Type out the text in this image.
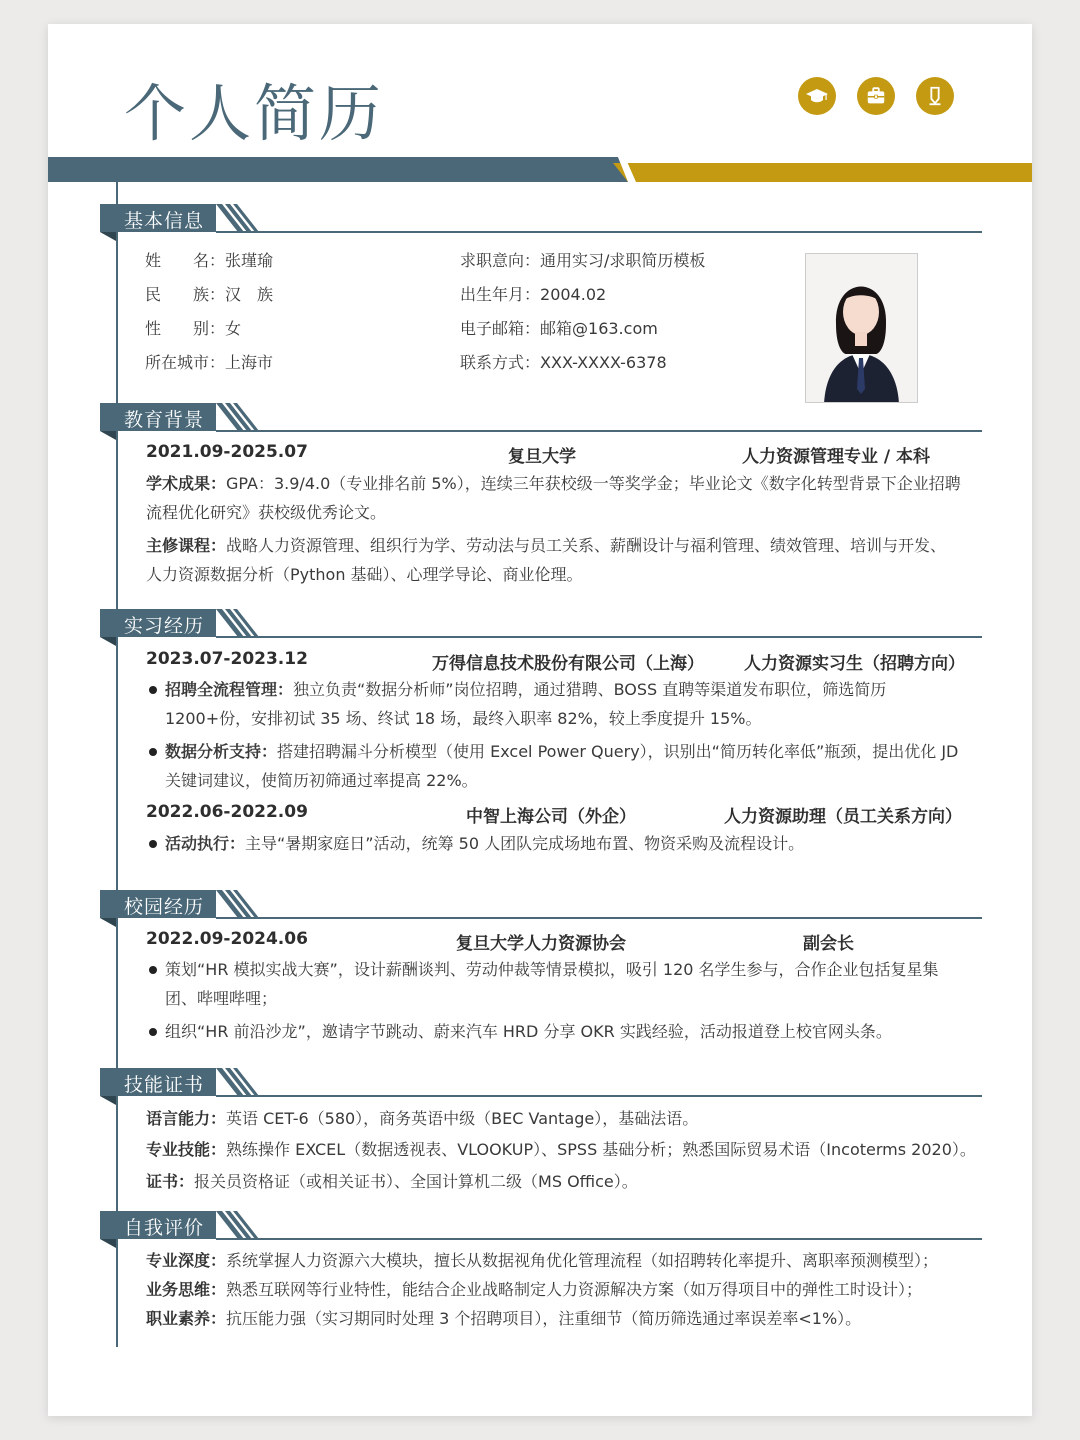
个人简历
基本信息
姓　　名：张瑾瑜
民　　族：汉　族
性　　别：女
所在城市：上海市
求职意向：通用实习/求职简历模板
出生年月：2004.02
电子邮箱：邮箱@163.com
联系方式：XXX-XXXX-6378
教育背景
2021.09-2025.07	复旦大学	人力资源管理专业 / 本科
学术成果：GPA：3.9/4.0（专业排名前 5%），连续三年获校级一等奖学金；毕业论文《数字化转型背景下企业招聘流程优化研究》获校级优秀论文。
主修课程：战略人力资源管理、组织行为学、劳动法与员工关系、薪酬设计与福利管理、绩效管理、培训与开发、人力资源数据分析（Python 基础）、心理学导论、商业伦理。
实习经历
2023.07-2023.12	万得信息技术股份有限公司（上海） 人力资源实习生（招聘方向）
招聘全流程管理：独立负责“数据分析师”岗位招聘，通过猎聘、BOSS 直聘等渠道发布职位，筛选简历 1200+份，安排初试 35 场、终试 18 场，最终入职率 82%，较上季度提升 15%。
数据分析支持：搭建招聘漏斗分析模型（使用 Excel Power Query），识别出“简历转化率低”瓶颈，提出优化 JD 关键词建议，使简历初筛通过率提高 22%。
2022.06-2022.09	中智上海公司（外企）	人力资源助理（员工关系方向）
活动执行：主导“暑期家庭日”活动，统筹 50 人团队完成场地布置、物资采购及流程设计。
校园经历
2022.09-2024.06	复旦大学人力资源协会	副会长
策划“HR 模拟实战大赛”，设计薪酬谈判、劳动仲裁等情景模拟，吸引 120 名学生参与，合作企业包括复星集团、哔哩哔哩；
组织“HR 前沿沙龙”，邀请字节跳动、蔚来汽车 HRD 分享 OKR 实践经验，活动报道登上校官网头条。
技能证书
语言能力：英语 CET-6（580），商务英语中级（BEC Vantage），基础法语。
专业技能：熟练操作 EXCEL（数据透视表、VLOOKUP）、SPSS 基础分析；熟悉国际贸易术语（Incoterms 2020）。
证书：报关员资格证（或相关证书）、全国计算机二级（MS Office）。
自我评价
专业深度：系统掌握人力资源六大模块，擅长从数据视角优化管理流程（如招聘转化率提升、离职率预测模型）；
业务思维：熟悉互联网等行业特性，能结合企业战略制定人力资源解决方案（如万得项目中的弹性工时设计）；
职业素养：抗压能力强（实习期同时处理 3 个招聘项目），注重细节（简历筛选通过率误差率<1%）。
